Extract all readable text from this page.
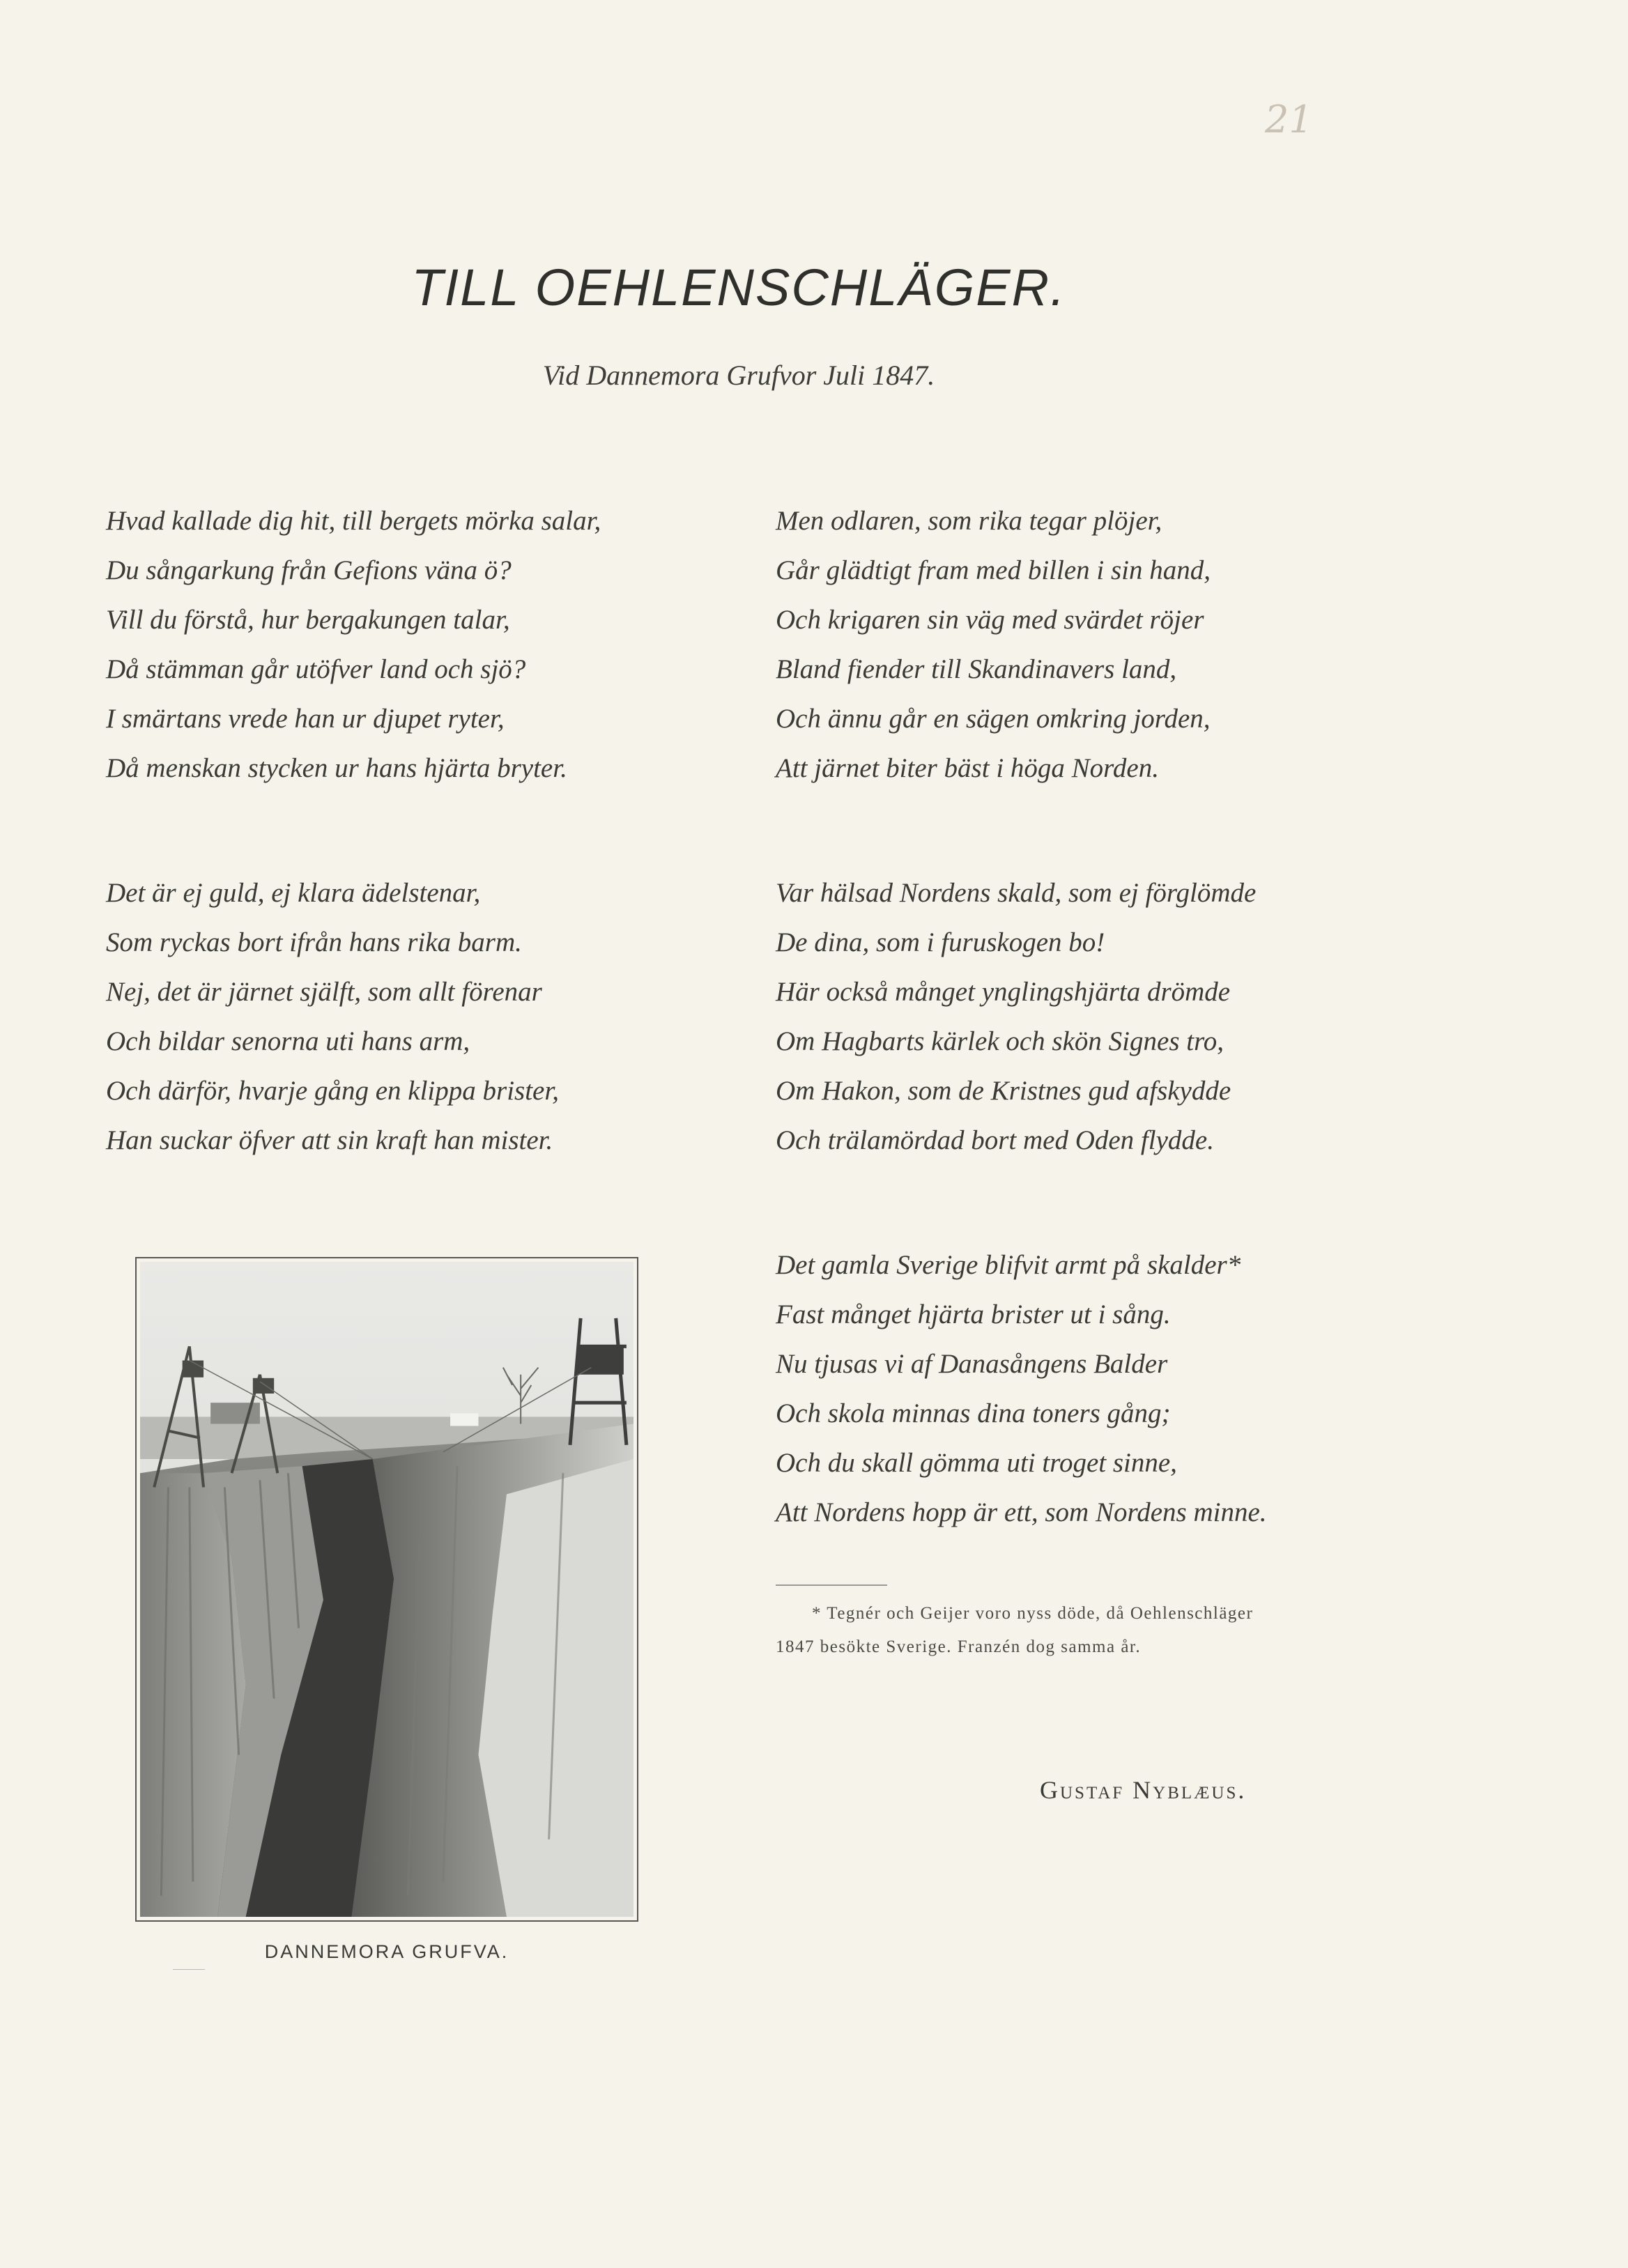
21
TILL OEHLENSCHLÄGER.
Vid Dannemora Grufvor Juli 1847.
Hvad kallade dig hit, till bergets mörka salar,
Du sångarkung från Gefions väna ö?
Vill du förstå, hur bergakungen talar,
Då stämman går utöfver land och sjö?
I smärtans vrede han ur djupet ryter,
Då menskan stycken ur hans hjärta bryter.
Men odlaren, som rika tegar plöjer,
Går glädtigt fram med billen i sin hand,
Och krigaren sin väg med svärdet röjer
Bland fiender till Skandinavers land,
Och ännu går en sägen omkring jorden,
Att järnet biter bäst i höga Norden.
Det är ej guld, ej klara ädelstenar,
Som ryckas bort ifrån hans rika barm.
Nej, det är järnet själft, som allt förenar
Och bildar senorna uti hans arm,
Och därför, hvarje gång en klippa brister,
Han suckar öfver att sin kraft han mister.
Var hälsad Nordens skald, som ej förglömde
De dina, som i furuskogen bo!
Här också månget ynglingshjärta drömde
Om Hagbarts kärlek och skön Signes tro,
Om Hakon, som de Kristnes gud afskydde
Och trälamördad bort med Oden flydde.
Det gamla Sverige blifvit armt på skalder*
Fast månget hjärta brister ut i sång.
Nu tjusas vi af Danasångens Balder
Och skola minnas dina toners gång;
Och du skall gömma uti troget sinne,
Att Nordens hopp är ett, som Nordens minne.
DANNEMORA GRUFVA.
* Tegnér och Geijer voro nyss döde, då Oehlenschläger
1847 besökte Sverige. Franzén dog samma år.
Gustaf Nyblæus.
